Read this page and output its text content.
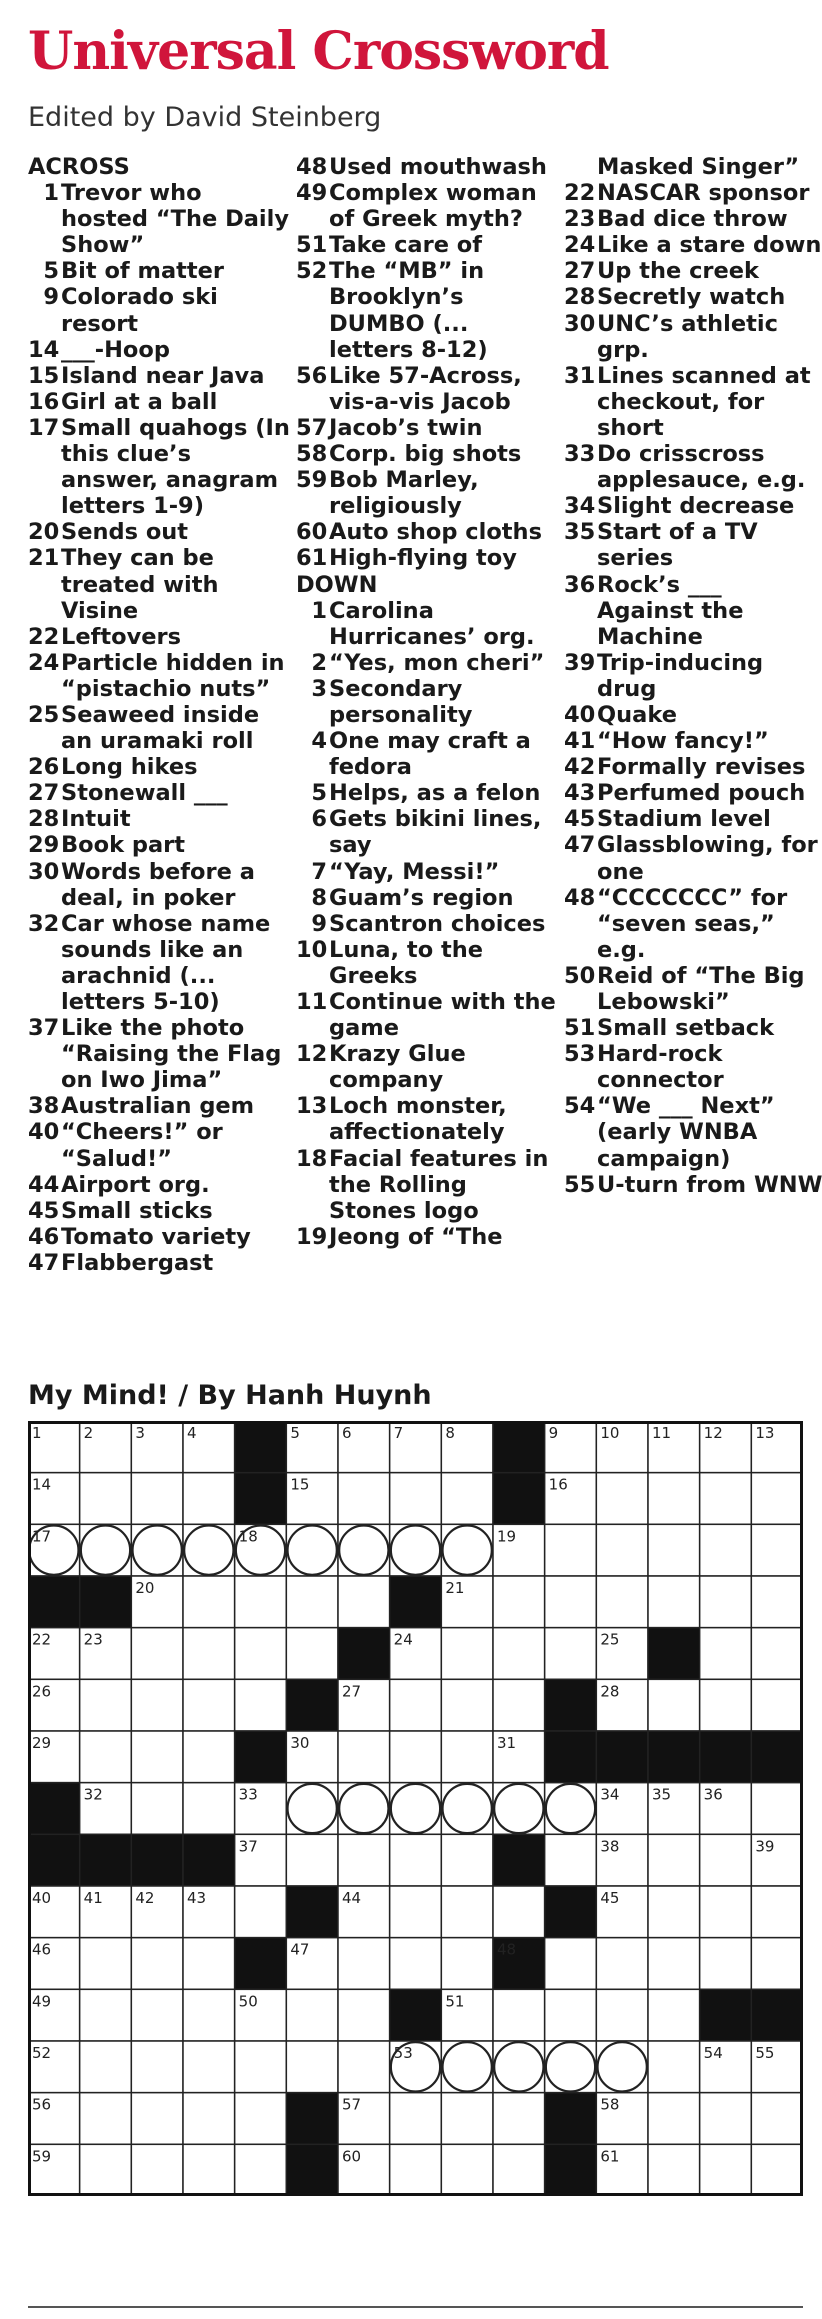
Universal Crossword
Edited by David Steinberg
ACROSS
1 Trevor who hosted “The Daily Show”
5 Bit of matter
9 Colorado ski resort
14 ___-Hoop
15 Island near Java
16 Girl at a ball
17 Small quahogs (In this clue’s answer, anagram letters 1-9)
20 Sends out
21 They can be treated with Visine
22 Leftovers
24 Particle hidden in “pistachio nuts”
25 Seaweed inside an uramaki roll
26 Long hikes
27 Stonewall ___
28 Intuit
29 Book part
30 Words before a deal, in poker
32 Car whose name sounds like an arachnid (... letters 5-10)
37 Like the photo “Raising the Flag on Iwo Jima”
38 Australian gem
40 “Cheers!” or “Salud!”
44 Airport org.
45 Small sticks
46 Tomato variety
47 Flabbergast
48 Used mouthwash
49 Complex woman of Greek myth?
51 Take care of
52 The “MB” in Brooklyn’s DUMBO (... letters 8-12)
56 Like 57-Across, vis-a-vis Jacob
57 Jacob’s twin
58 Corp. big shots
59 Bob Marley, religiously
60 Auto shop cloths
61 High-flying toy
DOWN
1 Carolina Hurricanes’ org.
2 “Yes, mon cheri”
3 Secondary personality
4 One may craft a fedora
5 Helps, as a felon
6 Gets bikini lines, say
7 “Yay, Messi!”
8 Guam’s region
9 Scantron choices
10 Luna, to the Greeks
11 Continue with the game
12 Krazy Glue company
13 Loch monster, affectionately
18 Facial features in the Rolling Stones logo
19 Jeong of “The
Masked Singer”
22 NASCAR sponsor
23 Bad dice throw
24 Like a stare down
27 Up the creek
28 Secretly watch
30 UNC’s athletic grp.
31 Lines scanned at checkout, for short
33 Do crisscross applesauce, e.g.
34 Slight decrease
35 Start of a TV series
36 Rock’s ___ Against the Machine
39 Trip-inducing drug
40 Quake
41 “How fancy!”
42 Formally revises
43 Perfumed pouch
45 Stadium level
47 Glassblowing, for one
48 “CCCCCCC” for “seven seas,” e.g.
50 Reid of “The Big Lebowski”
51 Small setback
53 Hard-rock connector
54 “We ___ Next” (early WNBA campaign)
55 U-turn from WNW
My Mind! / By Hanh Huynh
1	2	3	4	5	6	7	8	9	10 11 12 13
14	15	16
17	18	19
20	21
22 23	24	25
26	27	28
29	30	31
32	33	34 35 36
37	38	39
40 41 42 43	44	45
46	47	48
49	50	51
52	53	54 55
56	57	58
59	60	61
